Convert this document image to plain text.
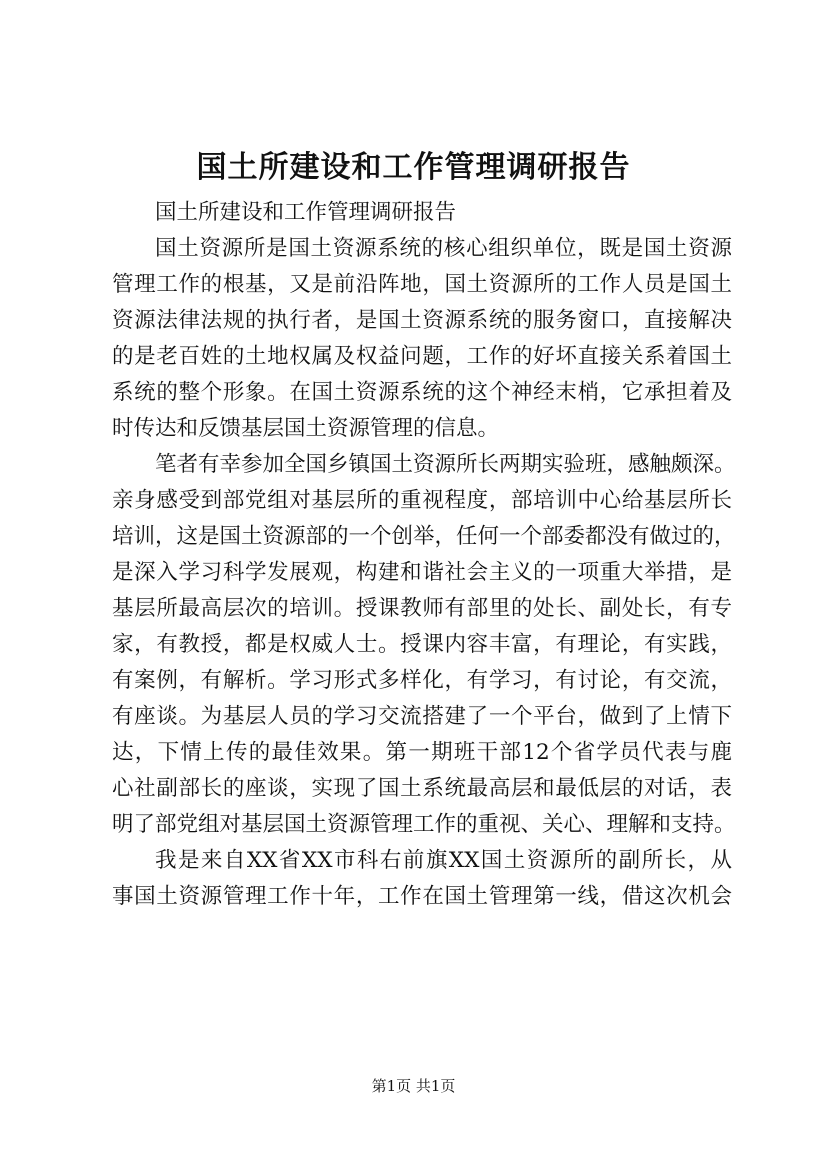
国土所建设和工作管理调研报告
国土所建设和工作管理调研报告
国土资源所是国土资源系统的核心组织单位，既是国土资源
管理工作的根基，又是前沿阵地，国土资源所的工作人员是国土
资源法律法规的执行者，是国土资源系统的服务窗口，直接解决
的是老百姓的土地权属及权益问题，工作的好坏直接关系着国土
系统的整个形象。在国土资源系统的这个神经末梢，它承担着及
时传达和反馈基层国土资源管理的信息。
笔者有幸参加全国乡镇国土资源所长两期实验班，感触颇深。
亲身感受到部党组对基层所的重视程度，部培训中心给基层所长
培训，这是国土资源部的一个创举，任何一个部委都没有做过的，
是深入学习科学发展观，构建和谐社会主义的一项重大举措，是
基层所最高层次的培训。授课教师有部里的处长、副处长，有专
家，有教授，都是权威人士。授课内容丰富，有理论，有实践，
有案例，有解析。学习形式多样化，有学习，有讨论，有交流，
有座谈。为基层人员的学习交流搭建了一个平台，做到了上情下
达，下情上传的最佳效果。第一期班干部12个省学员代表与鹿
心社副部长的座谈，实现了国土系统最高层和最低层的对话，表
明了部党组对基层国土资源管理工作的重视、关心、理解和支持。
我是来自XX省XX市科右前旗XX国土资源所的副所长，从
事国土资源管理工作十年，工作在国土管理第一线，借这次机会
第1页 共1页
